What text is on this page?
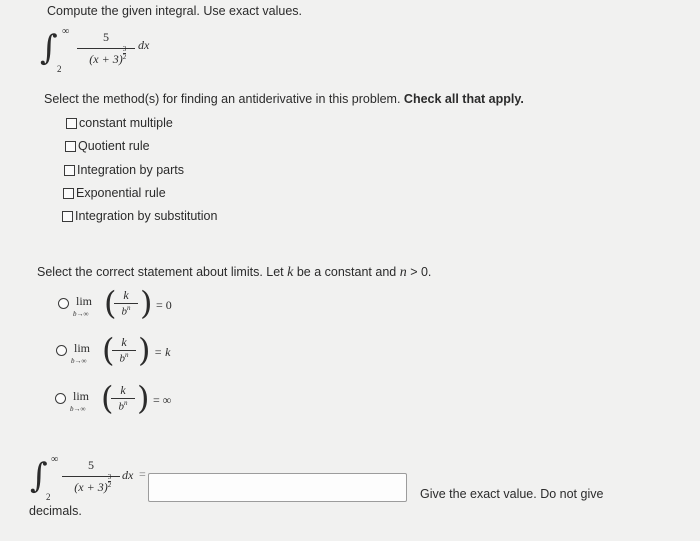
Compute the given integral. Use exact values.
∫ ∞
2
5
$(x + 3) \frac{3}{2}$
dx
Select the method(s) for finding an antiderivative in this problem. Check all that apply.
constant multiple
Quotient rule
Integration by parts
Exponential rule
Integration by substitution
Select the correct statement about limits. Let k be a constant and n > 0.
lim
b→∞ ( k
$b^n$ ) = 0
lim
b→∞ ( k
$b^n$ ) = k
lim
b→∞ ( k
$b^n$ ) = ∞
∫ ∞
2
5
$(x + 3) \frac{3}{2}$ dx =
Give the exact value. Do not give
decimals.
